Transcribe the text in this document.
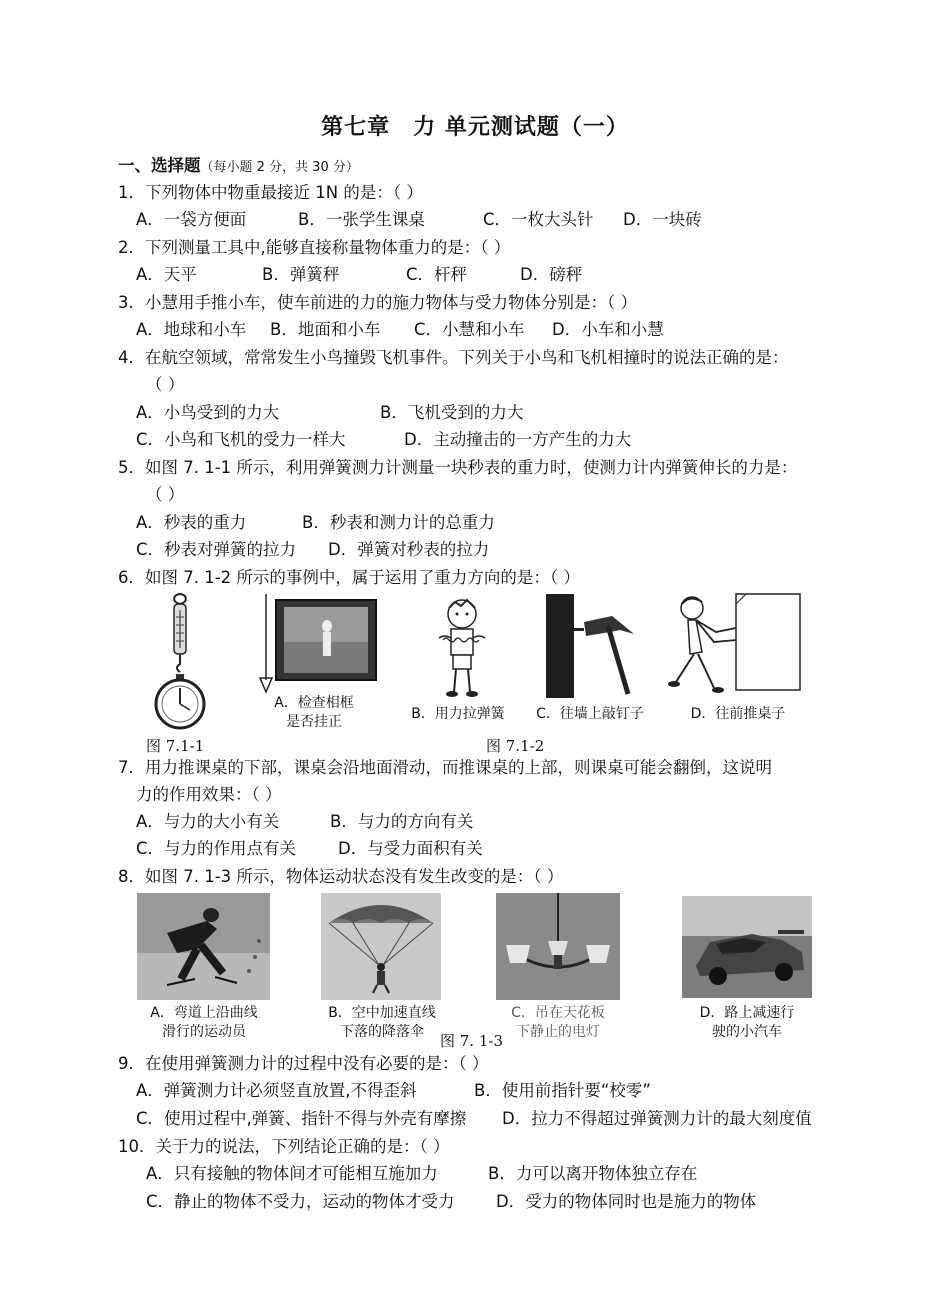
第七章　力 单元测试题（一）
一、选择题（每小题 2 分，共 30 分）
1．下列物体中物重最接近 1N 的是：（ ）
A．一袋方便面	B．一张学生课桌	C．一枚大头针 D．一块砖
2．下列测量工具中,能够直接称量物体重力的是：（ ）
A．天平	B．弹簧秤	C．杆秤	D．磅秤
3．小慧用手推小车，使车前进的力的施力物体与受力物体分别是：（ ）
A．地球和小车 B．地面和小车 C．小慧和小车 D．小车和小慧
4．在航空领域，常常发生小鸟撞毁飞机事件。下列关于小鸟和飞机相撞时的说法正确的是：
（ ）
A．小鸟受到的力大	B．飞机受到的力大
C．小鸟和飞机的受力一样大	D．主动撞击的一方产生的力大
5．如图 7. 1-1 所示，利用弹簧测力计测量一块秒表的重力时，使测力计内弹簧伸长的力是：
（ ）
A．秒表的重力	B．秒表和测力计的总重力
C．秒表对弹簧的拉力 D．弹簧对秒表的拉力
6．如图 7. 1-2 所示的事例中，属于运用了重力方向的是：（ ）
图 7.1-1
A．检查相框
是否挂正	B．用力拉弹簧	C．往墙上敲钉子	D．往前推桌子
图 7.1-2
7．用力推课桌的下部，课桌会沿地面滑动，而推课桌的上部，则课桌可能会翻倒，这说明
力的作用效果：（ ）
A．与力的大小有关	B．与力的方向有关
C．与力的作用点有关	D．与受力面积有关
8．如图 7. 1-3 所示，物体运动状态没有发生改变的是：（ ）
A．弯道上沿曲线
滑行的运动员
B．空中加速直线
下落的降落伞
C．吊在天花板
下静止的电灯
D．路上减速行
驶的小汽车
图 7. 1-3
9．在使用弹簧测力计的过程中没有必要的是：（ ）
A．弹簧测力计必须竖直放置,不得歪斜	B．使用前指针要“校零”
C．使用过程中,弹簧、指针不得与外壳有摩擦 D．拉力不得超过弹簧测力计的最大刻度值
10．关于力的说法，下列结论正确的是：（ ）
A．只有接触的物体间才可能相互施加力	B．力可以离开物体独立存在
C．静止的物体不受力，运动的物体才受力	D．受力的物体同时也是施力的物体
